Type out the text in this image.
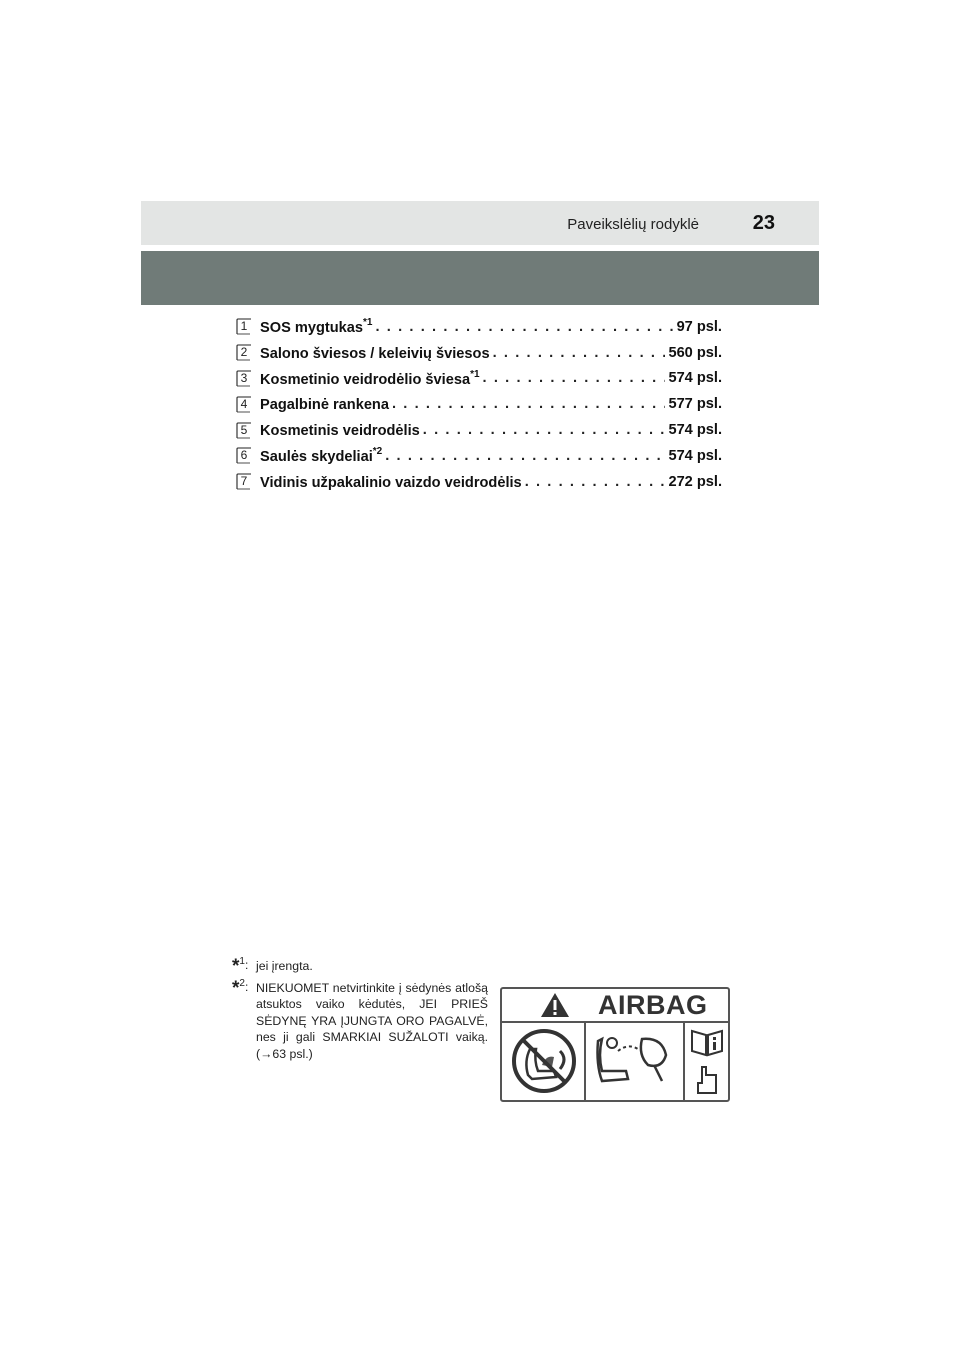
Paveikslėlių rodyklė	23
1 SOS mygtukas$^{*1}$ . . .	97 psl.
2 Salono šviesos / keleivių šviesos . . .	560 psl.
3 Kosmetinio veidrodėlio šviesa$^{*1}$ . . .	574 psl.
4 Pagalbinė rankena . . .	577 psl.
5 Kosmetinis veidrodėlis . . .	574 psl.
6 Saulės skydeliai$^{*2}$ . . .	574 psl.
7 Vidinis užpakalinio vaizdo veidrodėlis . . .	272 psl.
*$^1$: jei įrengta.
*$^2$: NIEKUOMET netvirtinkite į sėdynės atlošą atsuktos vaiko kėdutės, JEI PRIEŠ SĖDYNĘ YRA ĮJUNGTA ORO PAGALVĖ, nes ji gali SMARKIAI SUŽALOTI vaiką. (→63 psl.)
AIRBAG
